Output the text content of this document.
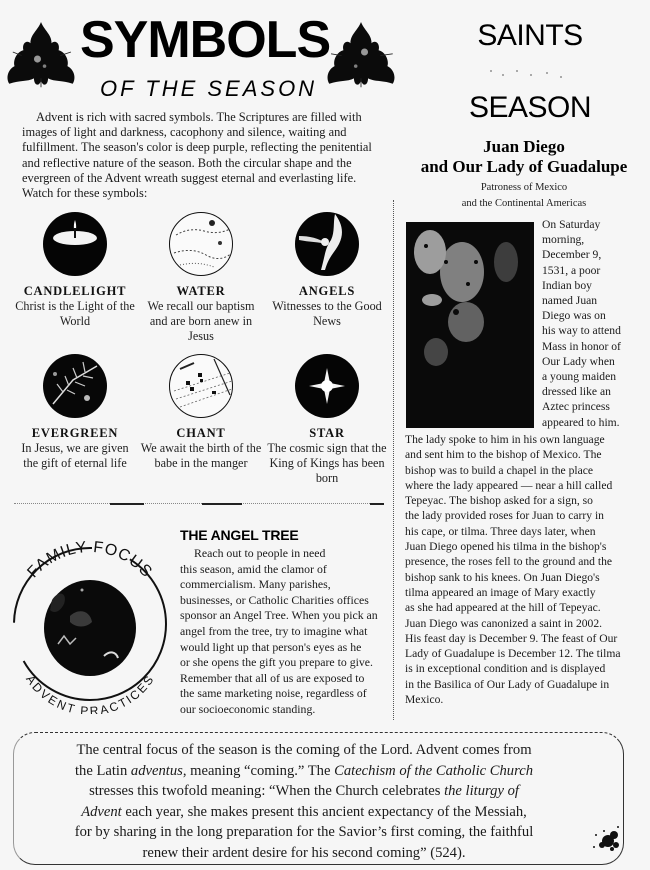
SYMBOLS
OF THE SEASON

Advent is rich with sacred symbols. The Scriptures are filled with images of light and darkness, cacophony and silence, waiting and fulfillment. The season's color is deep purple, reflecting the penitential and reflective nature of the season. Both the circular shape and the evergreen of the Advent wreath suggest eternal and everlasting life. Watch for these symbols:

CANDLELIGHT
Christ is the Light of the World
WATER
We recall our baptism and are born anew in Jesus
ANGELS
Witnesses to the Good News
EVERGREEN
In Jesus, we are given the gift of eternal life
CHANT
We await the birth of the babe in the manger
STAR
The cosmic sign that the King of Kings has been born
SAINTS
SEASON
Juan Diego
and Our Lady of Guadalupe
Patroness of Mexico
and the Continental Americas
On Saturday
morning,
December 9,
1531, a poor
Indian boy
named Juan
Diego was on
his way to attend
Mass in honor of
Our Lady when
a young maiden
dressed like an
Aztec princess
appeared to him.
The lady spoke to him in his own language
and sent him to the bishop of Mexico. The
bishop was to build a chapel in the place
where the lady appeared — near a hill called
Tepeyac. The bishop asked for a sign, so
the lady provided roses for Juan to carry in
his cape, or tilma. Three days later, when
Juan Diego opened his tilma in the bishop's
presence, the roses fell to the ground and the
bishop sank to his knees. On Juan Diego's
tilma appeared an image of Mary exactly
as she had appeared at the hill of Tepeyac.
Juan Diego was canonized a saint in 2002.
His feast day is December 9. The feast of Our
Lady of Guadalupe is December 12. The tilma
is in exceptional condition and is displayed
in the Basilica of Our Lady of Guadalupe in
Mexico.
FAMILY FOCUS
ADVENT PRACTICES
THE ANGEL TREE
Reach out to people in need
this season, amid the clamor of
commercialism. Many parishes,
businesses, or Catholic Charities offices
sponsor an Angel Tree. When you pick an
angel from the tree, try to imagine what
would light up that person's eyes as he
or she opens the gift you prepare to give.
Remember that all of us are exposed to
the same marketing noise, regardless of
our socioeconomic standing.
The central focus of the season is the coming of the Lord. Advent comes from
the Latin adventus, meaning “coming.” The Catechism of the Catholic Church
stresses this twofold meaning: “When the Church celebrates the liturgy of
Advent each year, she makes present this ancient expectancy of the Messiah,
for by sharing in the long preparation for the Savior’s first coming, the faithful
renew their ardent desire for his second coming” (524).
